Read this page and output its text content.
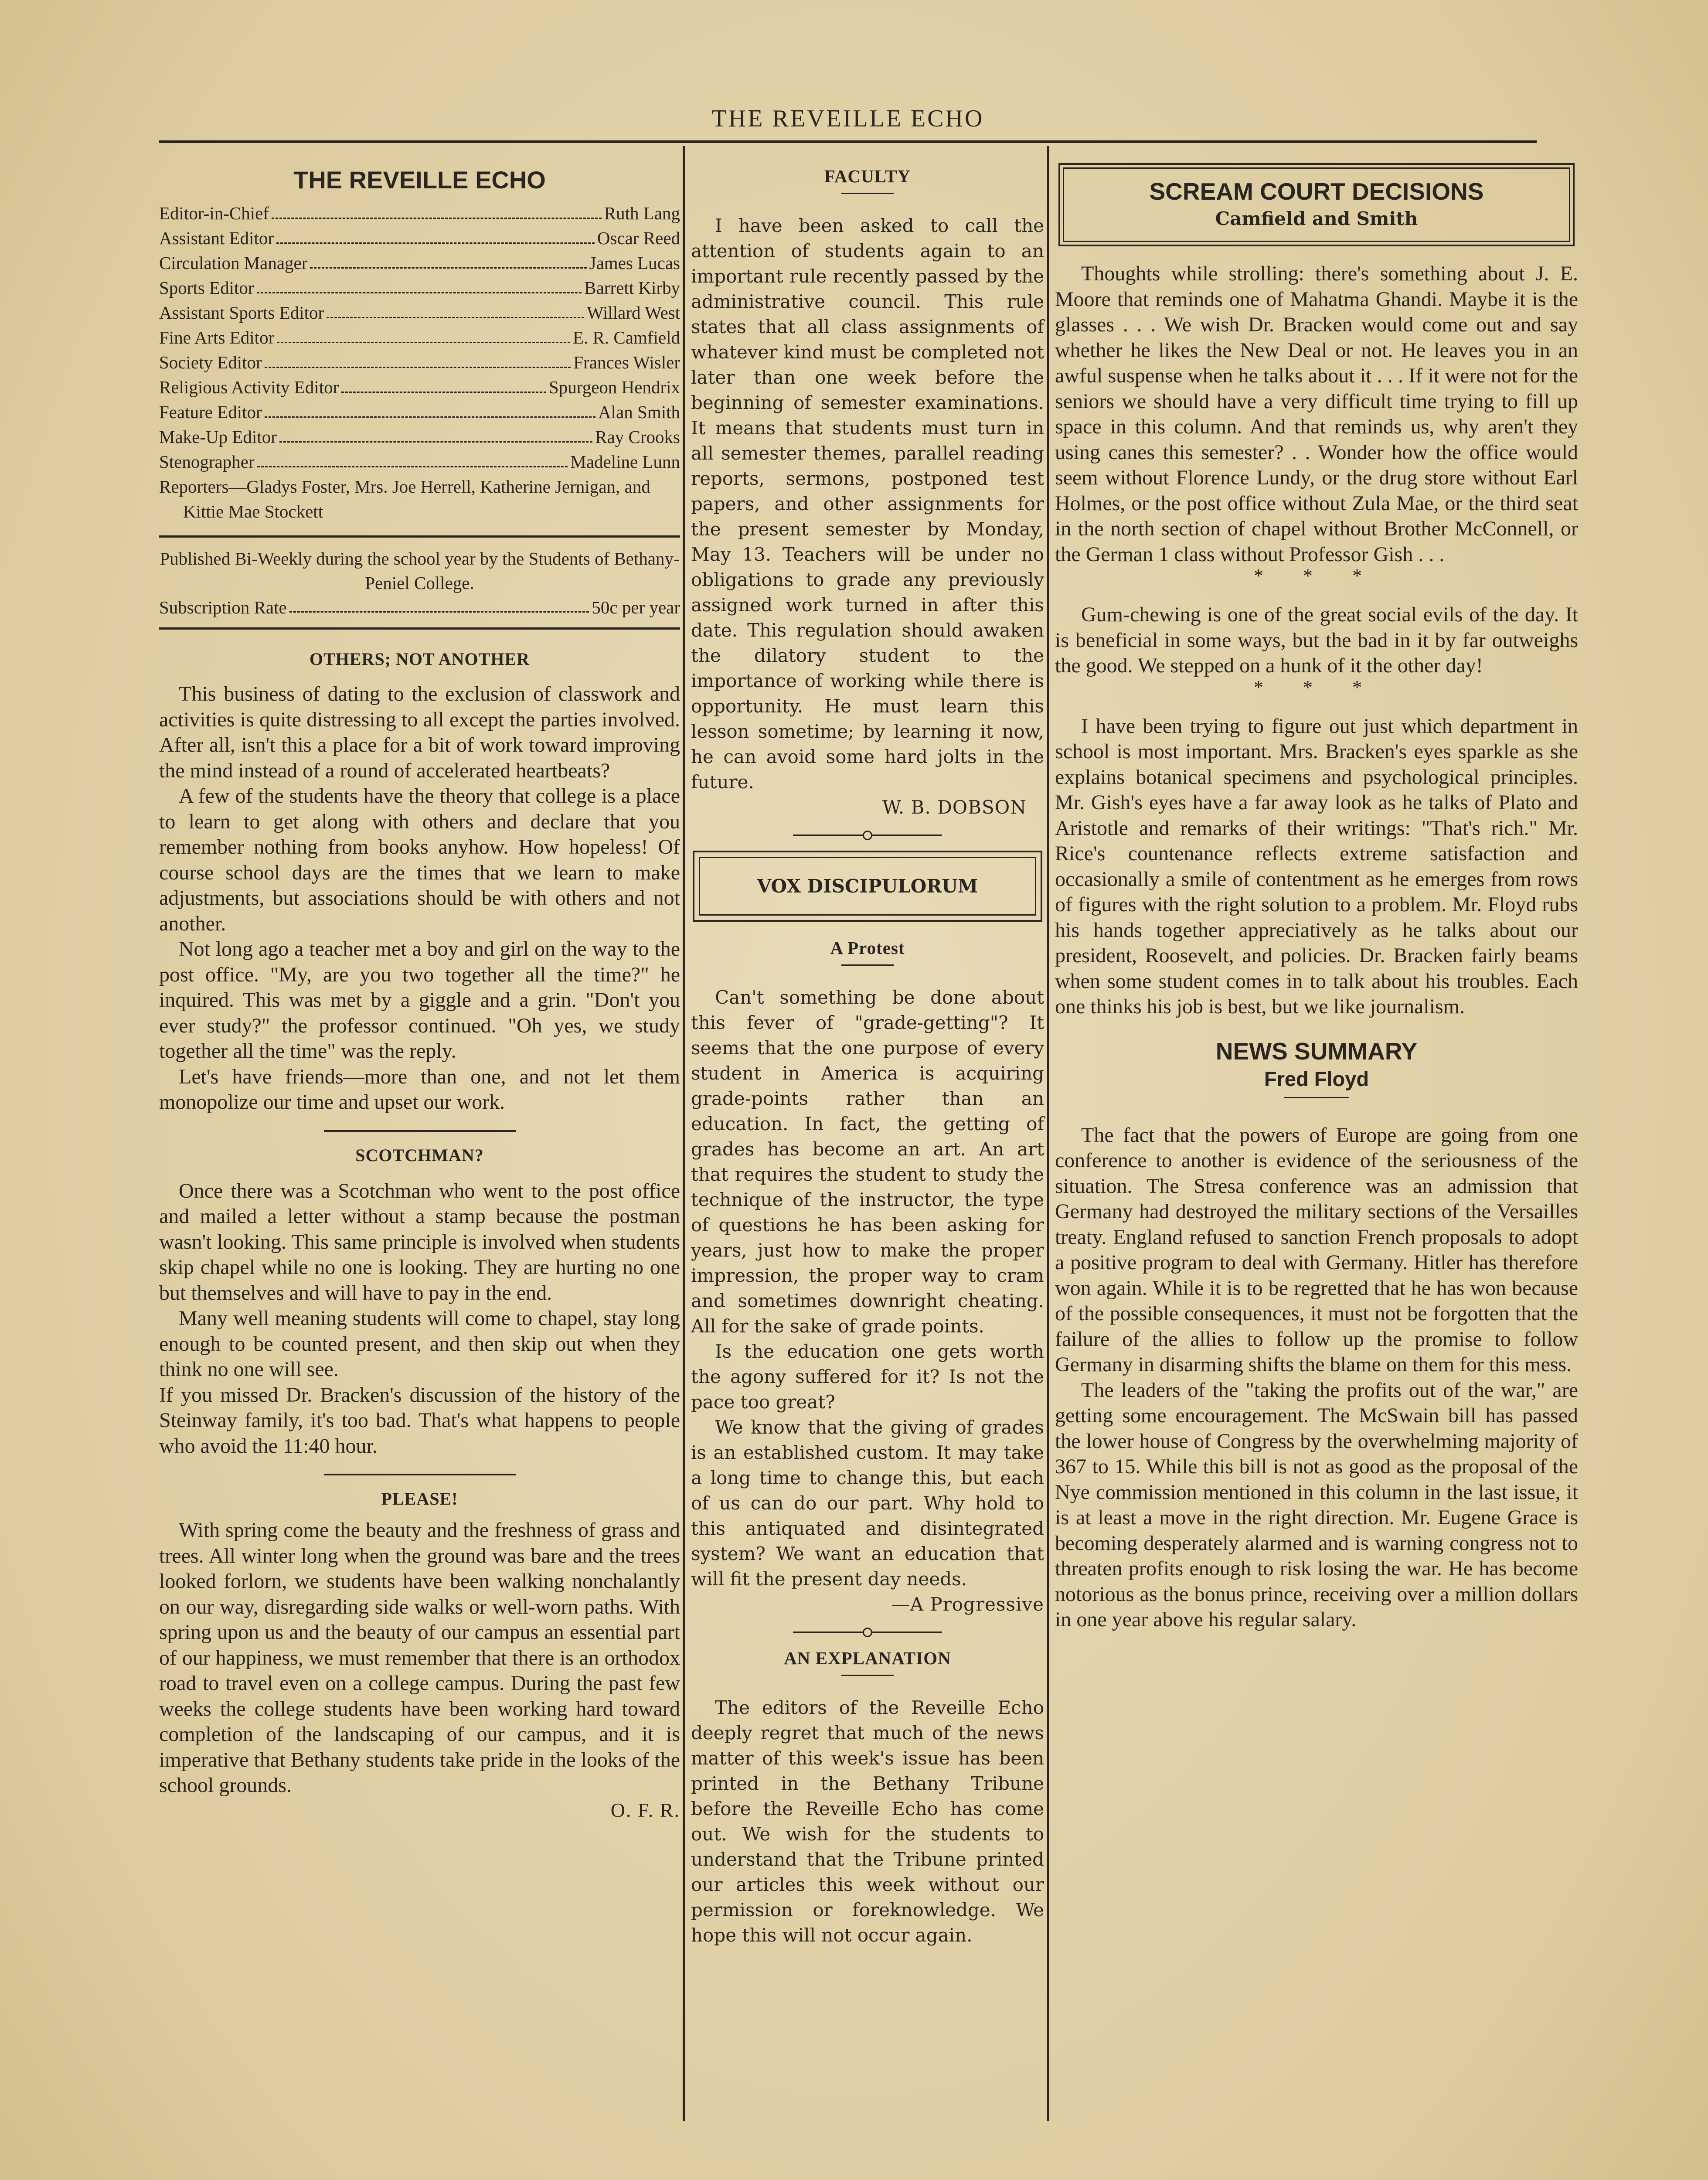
THE REVEILLE ECHO
THE REVEILLE ECHO
Editor-in-Chief	Ruth Lang
Assistant Editor	Oscar Reed
Circulation Manager	James Lucas
Sports Editor	Barrett Kirby
Assistant Sports Editor	Willard West
Fine Arts Editor	E. R. Camfield
Society Editor	Frances Wisler
Religious Activity Editor	Spurgeon Hendrix
Feature Editor	Alan Smith
Make-Up Editor	Ray Crooks
Stenographer	Madeline Lunn
Reporters—Gladys Foster, Mrs. Joe Herrell, Katherine Jernigan, and Kittie Mae Stockett
Published Bi-Weekly during the school year by the Students of Bethany-Peniel College.
Subscription Rate	50c per year
OTHERS; NOT ANOTHER

This business of dating to the exclusion of classwork and activities is quite distressing to all except the parties involved. After all, isn't this a place for a bit of work toward improving the mind instead of a round of accelerated heartbeats?

A few of the students have the theory that college is a place to learn to get along with others and declare that you remember nothing from books anyhow. How hopeless! Of course school days are the times that we learn to make adjustments, but associations should be with others and not another.

Not long ago a teacher met a boy and girl on the way to the post office. "My, are you two together all the time?" he inquired. This was met by a giggle and a grin. "Don't you ever study?" the professor continued. "Oh yes, we study together all the time" was the reply.

Let's have friends—more than one, and not let them monopolize our time and upset our work.

SCOTCHMAN?

Once there was a Scotchman who went to the post office and mailed a letter without a stamp because the postman wasn't looking. This same principle is involved when students skip chapel while no one is looking. They are hurting no one but themselves and will have to pay in the end.

Many well meaning students will come to chapel, stay long enough to be counted present, and then skip out when they think no one will see.

If you missed Dr. Bracken's discussion of the history of the Steinway family, it's too bad. That's what happens to people who avoid the 11:40 hour.

PLEASE!

With spring come the beauty and the freshness of grass and trees. All winter long when the ground was bare and the trees looked forlorn, we students have been walking nonchalantly on our way, disregarding side walks or well-worn paths. With spring upon us and the beauty of our campus an essential part of our happiness, we must remember that there is an orthodox road to travel even on a college campus. During the past few weeks the college students have been working hard toward completion of the landscaping of our campus, and it is imperative that Bethany students take pride in the looks of the school grounds.

O. F. R.
FACULTY

I have been asked to call the attention of students again to an important rule recently passed by the administrative council. This rule states that all class assignments of whatever kind must be completed not later than one week before the beginning of semester examinations. It means that students must turn in all semester themes, parallel reading reports, sermons, postponed test papers, and other assignments for the present semester by Monday, May 13. Teachers will be under no obligations to grade any previously assigned work turned in after this date. This regulation should awaken the dilatory student to the importance of working while there is opportunity. He must learn this lesson sometime; by learning it now, he can avoid some hard jolts in the future.

W. B. DOBSON
VOX DISCIPULORUM
A Protest

Can't something be done about this fever of "grade-getting"? It seems that the one purpose of every student in America is acquiring grade-points rather than an education. In fact, the getting of grades has become an art. An art that requires the student to study the technique of the instructor, the type of questions he has been asking for years, just how to make the proper impression, the proper way to cram and sometimes downright cheating. All for the sake of grade points.

Is the education one gets worth the agony suffered for it? Is not the pace too great?

We know that the giving of grades is an established custom. It may take a long time to change this, but each of us can do our part. Why hold to this antiquated and disintegrated system? We want an education that will fit the present day needs.

—A Progressive
AN EXPLANATION

The editors of the Reveille Echo deeply regret that much of the news matter of this week's issue has been printed in the Bethany Tribune before the Reveille Echo has come out. We wish for the students to understand that the Tribune printed our articles this week without our permission or foreknowledge. We hope this will not occur again.

SCREAM COURT DECISIONS
Camfield and Smith

Thoughts while strolling: there's something about J. E. Moore that reminds one of Mahatma Ghandi. Maybe it is the glasses . . . We wish Dr. Bracken would come out and say whether he likes the New Deal or not. He leaves you in an awful suspense when he talks about it . . . If it were not for the seniors we should have a very difficult time trying to fill up space in this column. And that reminds us, why aren't they using canes this semester? . . Wonder how the office would seem without Florence Lundy, or the drug store without Earl Holmes, or the post office without Zula Mae, or the third seat in the north section of chapel without Brother McConnell, or the German 1 class without Professor Gish . . .

* * *

Gum-chewing is one of the great social evils of the day. It is beneficial in some ways, but the bad in it by far outweighs the good. We stepped on a hunk of it the other day!

* * *

I have been trying to figure out just which department in school is most important. Mrs. Bracken's eyes sparkle as she explains botanical specimens and psychological principles. Mr. Gish's eyes have a far away look as he talks of Plato and Aristotle and remarks of their writings: "That's rich." Mr. Rice's countenance reflects extreme satisfaction and occasionally a smile of contentment as he emerges from rows of figures with the right solution to a problem. Mr. Floyd rubs his hands together appreciatively as he talks about our president, Roosevelt, and policies. Dr. Bracken fairly beams when some student comes in to talk about his troubles. Each one thinks his job is best, but we like journalism.

NEWS SUMMARY
Fred Floyd

The fact that the powers of Europe are going from one conference to another is evidence of the seriousness of the situation. The Stresa conference was an admission that Germany had destroyed the military sections of the Versailles treaty. England refused to sanction French proposals to adopt a positive program to deal with Germany. Hitler has therefore won again. While it is to be regretted that he has won because of the possible consequences, it must not be forgotten that the failure of the allies to follow up the promise to follow Germany in disarming shifts the blame on them for this mess.

The leaders of the "taking the profits out of the war," are getting some encouragement. The McSwain bill has passed the lower house of Congress by the overwhelming majority of 367 to 15. While this bill is not as good as the proposal of the Nye commission mentioned in this column in the last issue, it is at least a move in the right direction. Mr. Eugene Grace is becoming desperately alarmed and is warning congress not to threaten profits enough to risk losing the war. He has become notorious as the bonus prince, receiving over a million dollars in one year above his regular salary.
